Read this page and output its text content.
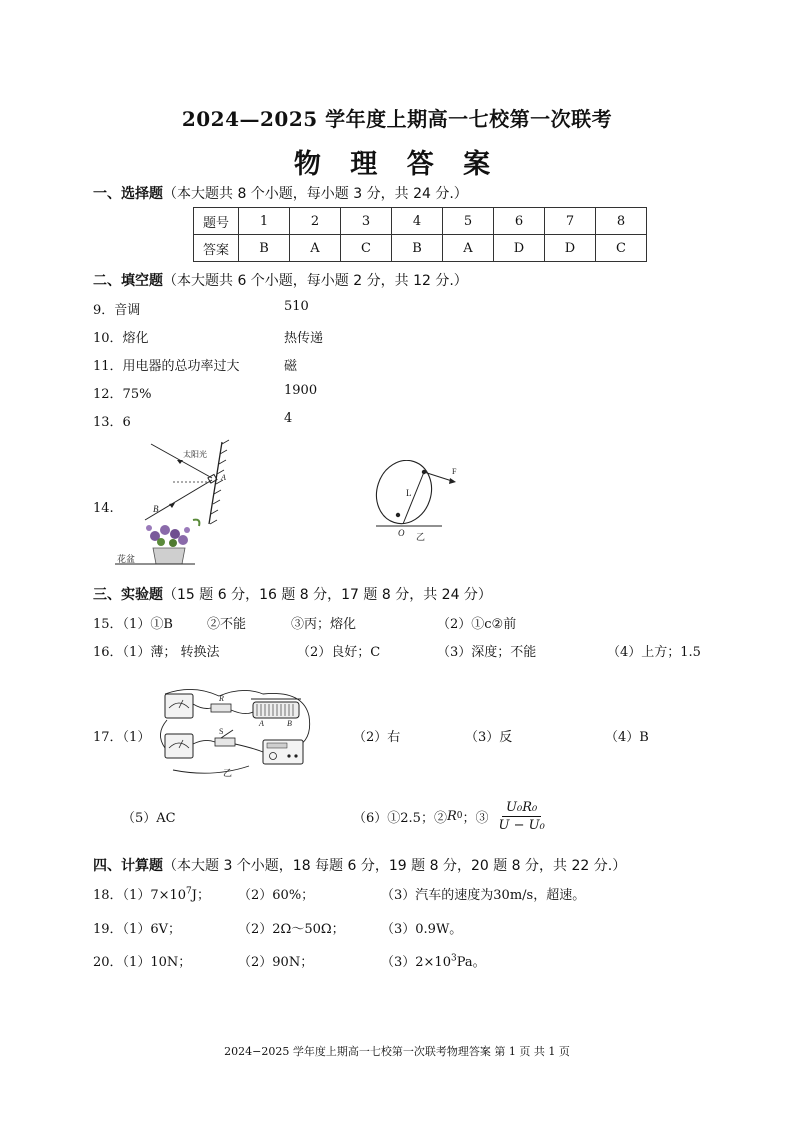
2024—2025 学年度上期高一七校第一次联考
物 理 答 案
一、选择题（本大题共 8 个小题，每小题 3 分，共 24 分.）
题号	1	2	3	4	5	6	7	8
答案	B	A	C	B	A	D	D	C
二、填空题（本大题共 6 个小题，每小题 2 分，共 12 分.）
9．音调	510
10．熔化	热传递
11．用电器的总功率过大	磁
12．75%	1900
13．6	4
14.
太阳光
A
B
花盆
L
F
O 乙
三、实验题（15 题 6 分，16 题 8 分，17 题 8 分，共 24 分）
15．（1）①B	②不能	③丙；熔化	（2）①c②前
16．（1）薄； 转换法	（2）良好；C	（3）深度；不能	（4）上方；1.5
17．（1）
R
S
A	B
乙
（2）右	（3）反	（4）B
（5）AC	（6）①2.5；② R 0 ；③ $\frac{\text{U₀R₀}}{\text{U − U₀}}$
四、计算题（本大题 3 个小题，18 每题 6 分，19 题 8 分，20 题 8 分，共 22 分.）
18．$(1)7\times 10^7J$； （2）60%；	（3）汽车的速度为30m/s，超速。
19．（1）6V；	（2）2Ω～50Ω；	（3）0.9W。
20．（1）10N；	（2）90N；	$(3)2\times 10^3Pa$。
2024−2025 学年度上期高一七校第一次联考物理答案 第 1 页 共 1 页
